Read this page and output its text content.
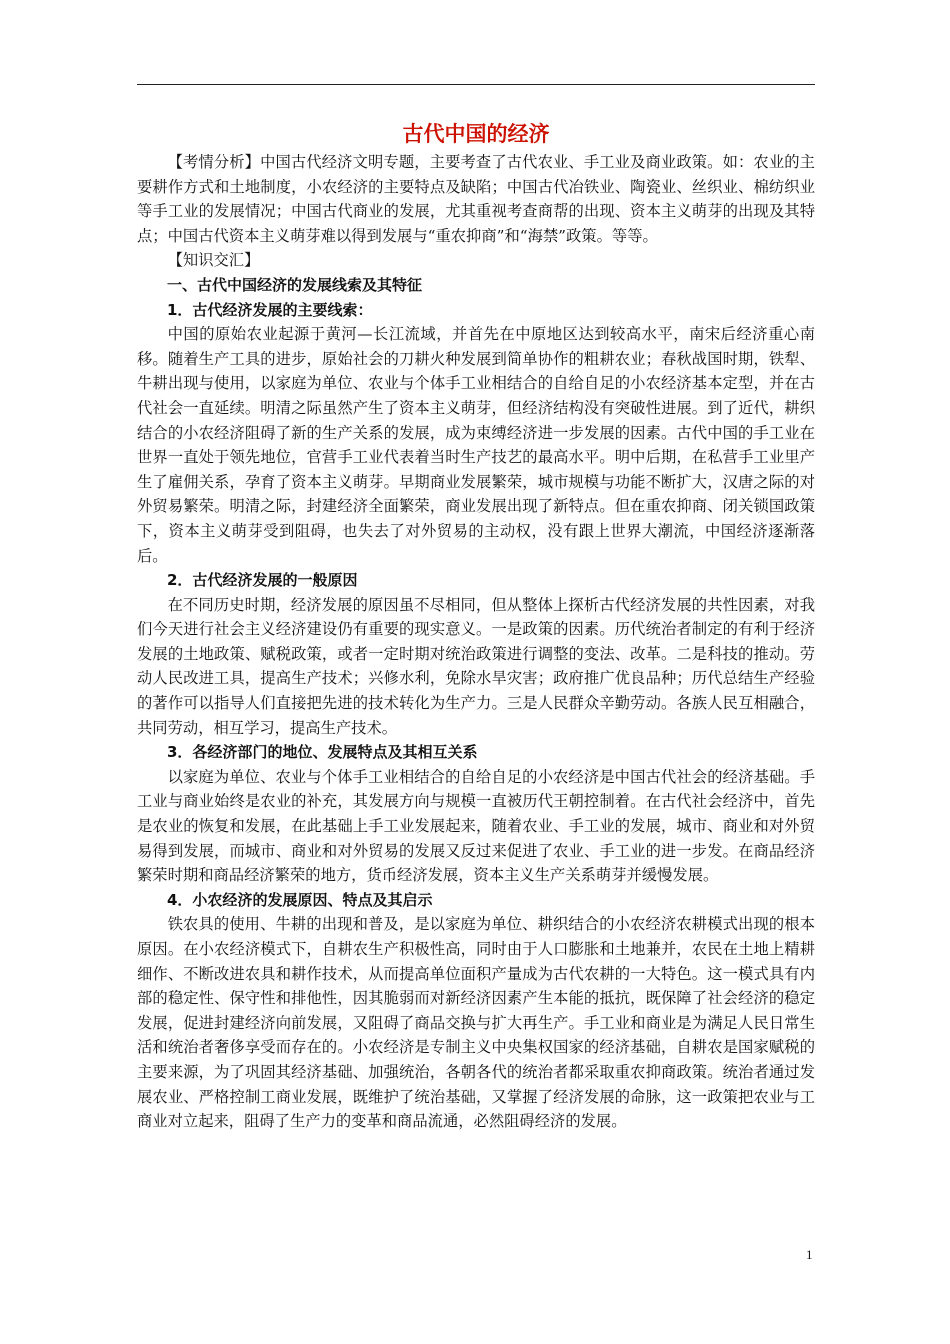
古代中国的经济

【考情分析】中国古代经济文明专题，主要考查了古代农业、手工业及商业政策。如：农业的主要耕作方式和土地制度，小农经济的主要特点及缺陷；中国古代冶铁业、陶瓷业、丝织业、棉纺织业等手工业的发展情况；中国古代商业的发展，尤其重视考查商帮的出现、资本主义萌芽的出现及其特点；中国古代资本主义萌芽难以得到发展与“重农抑商”和“海禁”政策。等等。

【知识交汇】

一、古代中国经济的发展线索及其特征

1．古代经济发展的主要线索：

中国的原始农业起源于黄河—长江流域，并首先在中原地区达到较高水平，南宋后经济重心南移。随着生产工具的进步，原始社会的刀耕火种发展到简单协作的粗耕农业；春秋战国时期，铁犁、牛耕出现与使用，以家庭为单位、农业与个体手工业相结合的自给自足的小农经济基本定型，并在古代社会一直延续。明清之际虽然产生了资本主义萌芽，但经济结构没有突破性进展。到了近代，耕织结合的小农经济阻碍了新的生产关系的发展，成为束缚经济进一步发展的因素。古代中国的手工业在世界一直处于领先地位，官营手工业代表着当时生产技艺的最高水平。明中后期，在私营手工业里产生了雇佣关系，孕育了资本主义萌芽。早期商业发展繁荣，城市规模与功能不断扩大，汉唐之际的对外贸易繁荣。明清之际，封建经济全面繁荣，商业发展出现了新特点。但在重农抑商、闭关锁国政策下，资本主义萌芽受到阻碍，也失去了对外贸易的主动权，没有跟上世界大潮流，中国经济逐渐落后。

2．古代经济发展的一般原因

在不同历史时期，经济发展的原因虽不尽相同，但从整体上探析古代经济发展的共性因素，对我们今天进行社会主义经济建设仍有重要的现实意义。一是政策的因素。历代统治者制定的有利于经济发展的土地政策、赋税政策，或者一定时期对统治政策进行调整的变法、改革。二是科技的推动。劳动人民改进工具，提高生产技术；兴修水利，免除水旱灾害；政府推广优良品种；历代总结生产经验的著作可以指导人们直接把先进的技术转化为生产力。三是人民群众辛勤劳动。各族人民互相融合，共同劳动，相互学习，提高生产技术。

3．各经济部门的地位、发展特点及其相互关系

以家庭为单位、农业与个体手工业相结合的自给自足的小农经济是中国古代社会的经济基础。手工业与商业始终是农业的补充，其发展方向与规模一直被历代王朝控制着。在古代社会经济中，首先是农业的恢复和发展，在此基础上手工业发展起来，随着农业、手工业的发展，城市、商业和对外贸易得到发展，而城市、商业和对外贸易的发展又反过来促进了农业、手工业的进一步发。在商品经济繁荣时期和商品经济繁荣的地方，货币经济发展，资本主义生产关系萌芽并缓慢发展。

4．小农经济的发展原因、特点及其启示

铁农具的使用、牛耕的出现和普及，是以家庭为单位、耕织结合的小农经济农耕模式出现的根本原因。在小农经济模式下，自耕农生产积极性高，同时由于人口膨胀和土地兼并，农民在土地上精耕细作、不断改进农具和耕作技术，从而提高单位面积产量成为古代农耕的一大特色。这一模式具有内部的稳定性、保守性和排他性，因其脆弱而对新经济因素产生本能的抵抗，既保障了社会经济的稳定发展，促进封建经济向前发展，又阻碍了商品交换与扩大再生产。手工业和商业是为满足人民日常生活和统治者奢侈享受而存在的。小农经济是专制主义中央集权国家的经济基础，自耕农是国家赋税的主要来源，为了巩固其经济基础、加强统治，各朝各代的统治者都采取重农抑商政策。统治者通过发展农业、严格控制工商业发展，既维护了统治基础，又掌握了经济发展的命脉，这一政策把农业与工商业对立起来，阻碍了生产力的变革和商品流通，必然阻碍经济的发展。

1
